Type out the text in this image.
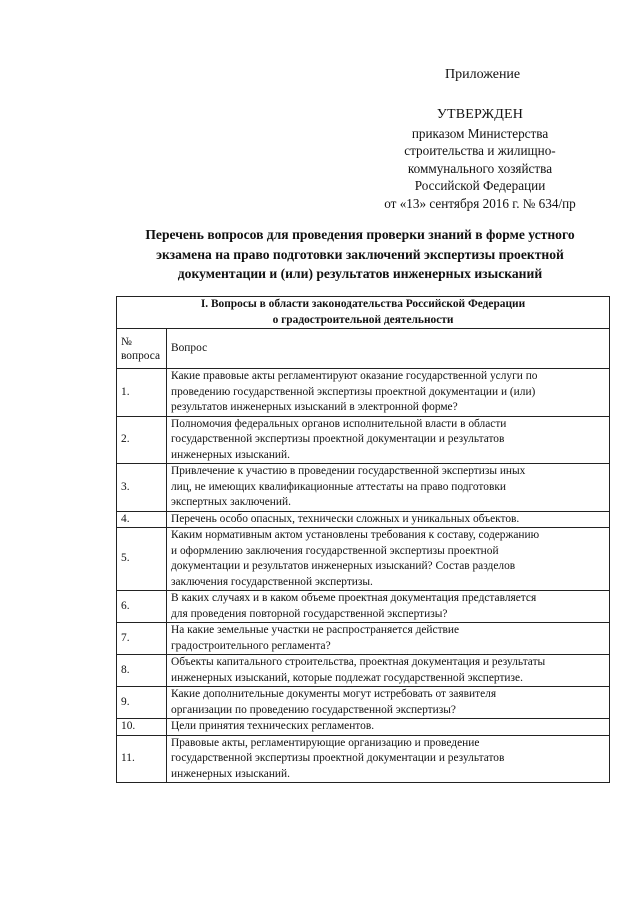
Приложение
УТВЕРЖДЕН
приказом Министерства
строительства и жилищно-
коммунального хозяйства
Российской Федерации
от «13» сентября 2016 г. № 634/пр
Перечень вопросов для проведения проверки знаний в форме устного
экзамена на право подготовки заключений экспертизы проектной
документации и (или) результатов инженерных изысканий
I. Вопросы в области законодательства Российской Федерации
о градостроительной деятельности	

№
вопроса	Вопрос
1.	Какие правовые акты регламентируют оказание государственной услуги по
проведению государственной экспертизы проектной документации и (или)
результатов инженерных изысканий в электронной форме?

2.	Полномочия федеральных органов исполнительной власти в области
государственной экспертизы проектной документации и результатов
инженерных изысканий.

3.	Привлечение к участию в проведении государственной экспертизы иных
лиц, не имеющих квалификационные аттестаты на право подготовки
экспертных заключений.

4.	Перечень особо опасных, технически сложных и уникальных объектов.

5.	Каким нормативным актом установлены требования к составу, содержанию
и оформлению заключения государственной экспертизы проектной
документации и результатов инженерных изысканий? Состав разделов
заключения государственной экспертизы.

6.	В каких случаях и в каком объеме проектная документация представляется
для проведения повторной государственной экспертизы?

7.	На какие земельные участки не распространяется действие
градостроительного регламента?

8.	Объекты капитального строительства, проектная документация и результаты
инженерных изысканий, которые подлежат государственной экспертизе.

9.	Какие дополнительные документы могут истребовать от заявителя
организации по проведению государственной экспертизы?

10.	Цели принятия технических регламентов.

11.	Правовые акты, регламентирующие организацию и проведение
государственной экспертизы проектной документации и результатов
инженерных изысканий.
